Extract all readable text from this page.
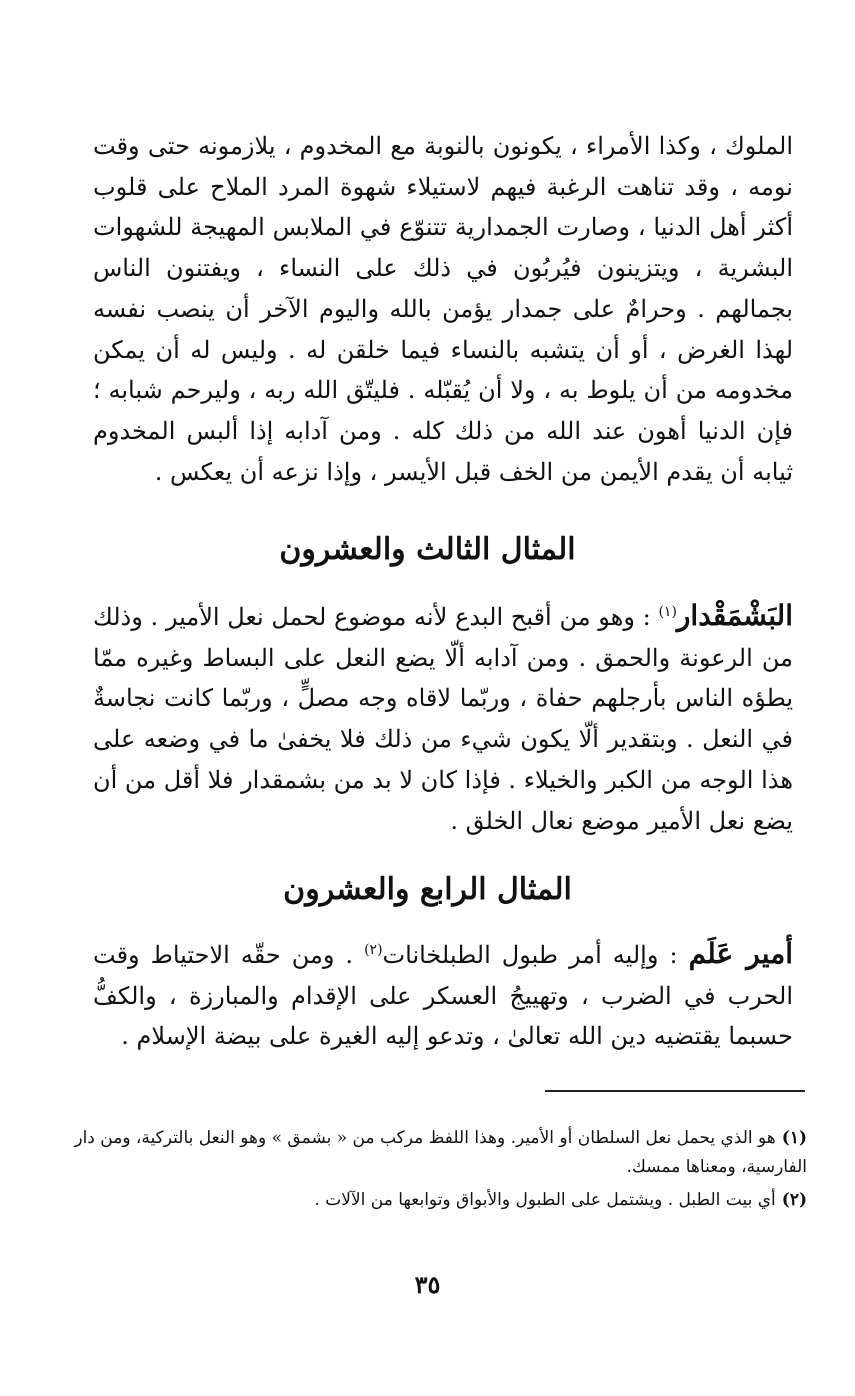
الملوك ، وكذا الأمراء ، يكونون بالنوبة مع المخدوم ، يلازمونه حتى وقت نومه ، وقد تناهت الرغبة فيهم لاستيلاء شهوة المرد الملاح على قلوب أكثر أهل الدنيا ، وصارت الجمدارية تتنوّع في الملابس المهيجة للشهوات البشرية ، ويتزينون فيُربُون في ذلك على النساء ، ويفتنون الناس بجمالهم . وحرامٌ على جمدار يؤمن بالله واليوم الآخر أن ينصب نفسه لهذا الغرض ، أو أن يتشبه بالنساء فيما خلقن له . وليس له أن يمكن مخدومه من أن يلوط به ، ولا أن يُقبّله . فليتّق الله ربه ، وليرحم شبابه ؛ فإن الدنيا أهون عند الله من ذلك كله . ومن آدابه إذا ألبس المخدوم ثيابه أن يقدم الأيمن من الخف قبل الأيسر ، وإذا نزعه أن يعكس .

المثال الثالث والعشرون

البَشْمَقْدار$^{(١)}$ : وهو من أقبح البدع لأنه موضوع لحمل نعل الأمير . وذلك من الرعونة والحمق . ومن آدابه ألّا يضع النعل على البساط وغيره ممّا يطؤه الناس بأرجلهم حفاة ، وربّما لاقاه وجه مصلٍّ ، وربّما كانت نجاسةٌ في النعل . وبتقدير ألّا يكون شيء من ذلك فلا يخفىٰ ما في وضعه على هذا الوجه من الكبر والخيلاء . فإذا كان لا بد من بشمقدار فلا أقل من أن يضع نعل الأمير موضع نعال الخلق .

المثال الرابع والعشرون

أمير عَلَم : وإليه أمر طبول الطبلخانات$^{(٢)}$ . ومن حقّه الاحتياط وقت الحرب في الضرب ، وتهييجُ العسكر على الإقدام والمبارزة ، والكفُّ حسبما يقتضيه دين الله تعالىٰ ، وتدعو إليه الغيرة على بيضة الإسلام .

(١)هو الذي يحمل نعل السلطان أو الأمير. وهذا اللفظ مركب من « بشمق » وهو النعل بالتركية، ومن دار الفارسية، ومعناها ممسك.

(٢)أي بيت الطبل . ويشتمل على الطبول والأبواق وتوابعها من الآلات .

٣٥
